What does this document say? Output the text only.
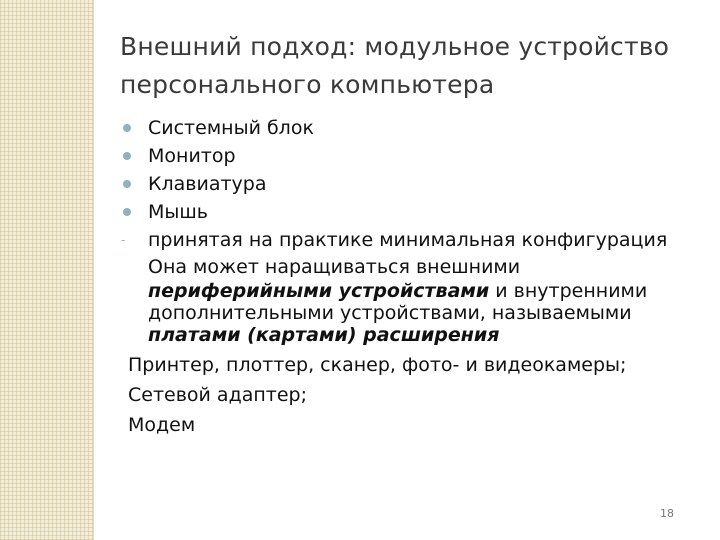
Внешний подход: модульное устройство
персонального компьютера
Системный блок
Монитор
Клавиатура
Мышь
- принятая на практике минимальная конфигурация
Она может наращиваться внешними
периферийными устройствами и внутренними
дополнительными устройствами, называемыми
платами (картами) расширения
Принтер, плоттер, сканер, фото- и видеокамеры;
Сетевой адаптер;
Модем
18
